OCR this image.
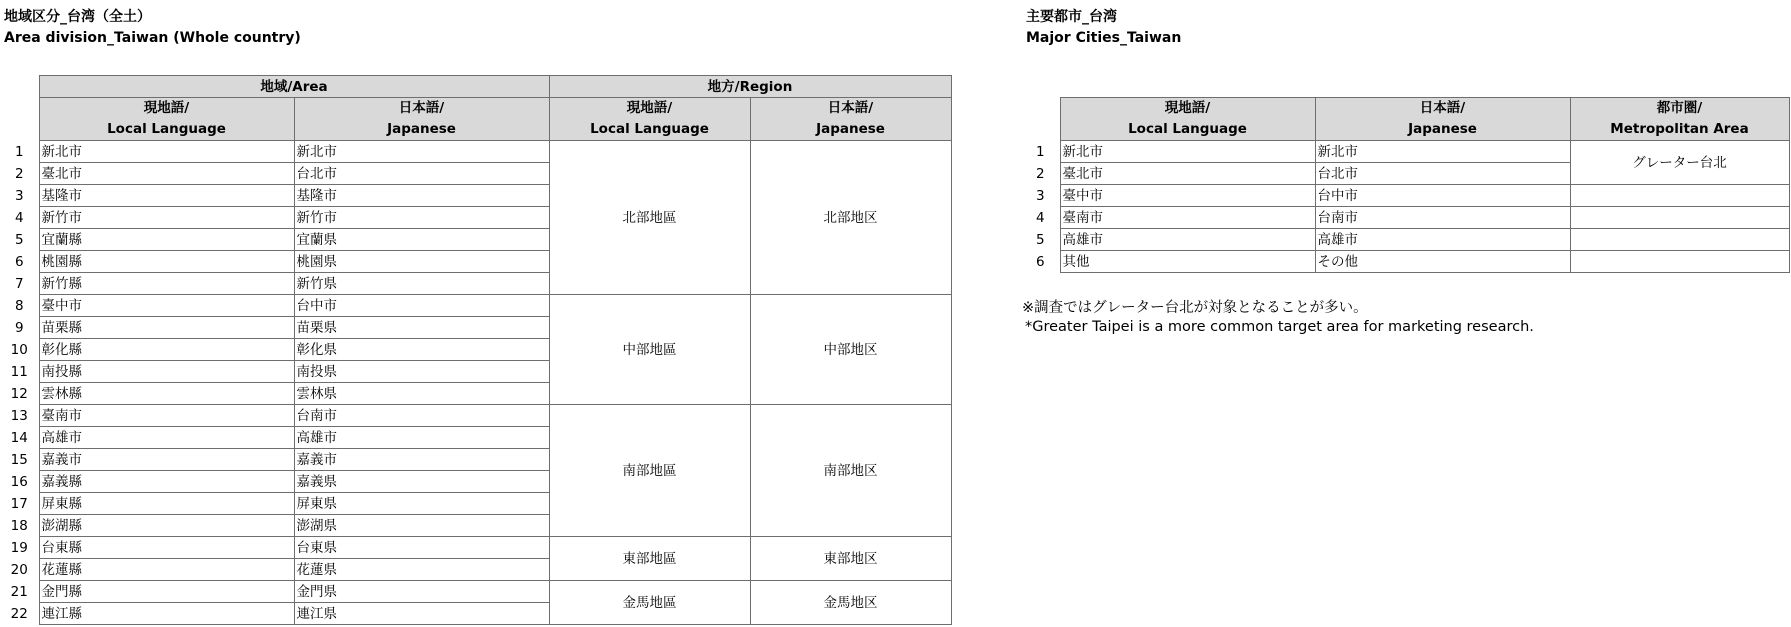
地域区分_台湾（全土）
Area division_Taiwan (Whole country)
	地域/Area		地方/Region	

	現地語/
Local Language	日本語/
Japanese	現地語/
Local Language	日本語/
Japanese

1	新北市	新北市	北部地區	北部地区
2	臺北市	台北市		
3	基隆市	基隆市		
4	新竹市	新竹市		
5	宜蘭縣	宜蘭県		
6	桃園縣	桃園県		
7	新竹縣	新竹県		
8	臺中市	台中市	中部地區	中部地区
9	苗栗縣	苗栗県		
10	彰化縣	彰化県		
11	南投縣	南投県		
12	雲林縣	雲林県		
13	臺南市	台南市	南部地區	南部地区
14	高雄市	高雄市		
15	嘉義市	嘉義市		
16	嘉義縣	嘉義県		
17	屏東縣	屏東県		
18	澎湖縣	澎湖県		
19	台東縣	台東県	東部地區	東部地区
20	花蓮縣	花蓮県		
21	金門縣	金門県	金馬地區	金馬地区
22	連江縣	連江県		
主要都市_台湾
Major Cities_Taiwan

	現地語/
Local Language	日本語/
Japanese	都市圏/
Metropolitan Area

1	新北市	新北市	グレーター台北
2	臺北市	台北市	
3	臺中市	台中市	
4	臺南市	台南市	
5	高雄市	高雄市	
6	其他	その他	
※調査ではグレーター台北が対象となることが多い。
*Greater Taipei is a more common target area for marketing research.
